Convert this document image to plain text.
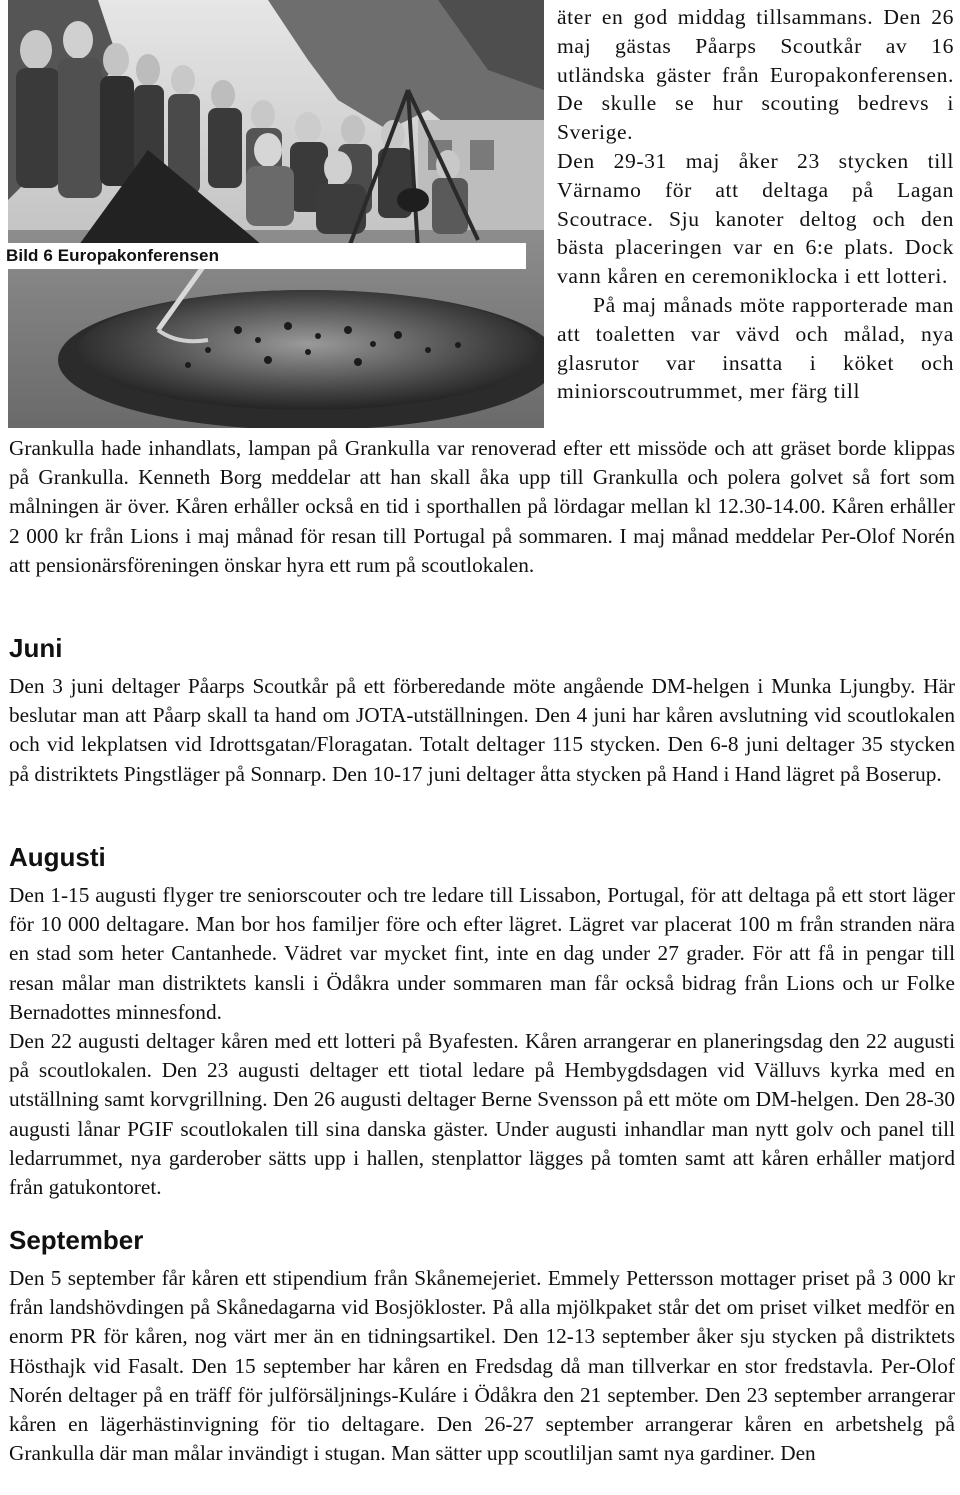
Bild 6 Europakonferensen

äter en god middag tillsammans. Den 26 maj gästas Påarps Scoutkår av 16 utländska gäster från Europakonferensen. De skulle se hur scouting bedrevs i Sverige.

Den 29-31 maj åker 23 stycken till Värnamo för att deltaga på Lagan Scoutrace. Sju kanoter deltog och den bästa placeringen var en 6:e plats. Dock vann kåren en ceremoniklocka i ett lotteri.

På maj månads möte rapporterade man att toaletten var vävd och målad, nya glasrutor var insatta i köket och miniorscoutrummet, mer färg till

Grankulla hade inhandlats, lampan på Grankulla var renoverad efter ett missöde och att gräset borde klippas på Grankulla. Kenneth Borg meddelar att han skall åka upp till Grankulla och polera golvet så fort som målningen är över. Kåren erhåller också en tid i sporthallen på lördagar mellan kl 12.30-14.00. Kåren erhåller 2 000 kr från Lions i maj månad för resan till Portugal på sommaren. I maj månad meddelar Per-Olof Norén att pensionärsföreningen önskar hyra ett rum på scoutlokalen.

Juni

Den 3 juni deltager Påarps Scoutkår på ett förberedande möte angående DM-helgen i Munka Ljungby. Här beslutar man att Påarp skall ta hand om JOTA-utställningen. Den 4 juni har kåren avslutning vid scoutlokalen och vid lekplatsen vid Idrottsgatan/Floragatan. Totalt deltager 115 stycken. Den 6-8 juni deltager 35 stycken på distriktets Pingstläger på Sonnarp. Den 10-17 juni deltager åtta stycken på Hand i Hand lägret på Boserup.

Augusti

Den 1-15 augusti flyger tre seniorscouter och tre ledare till Lissabon, Portugal, för att deltaga på ett stort läger för 10 000 deltagare. Man bor hos familjer före och efter lägret. Lägret var placerat 100 m från stranden nära en stad som heter Cantanhede. Vädret var mycket fint, inte en dag under 27 grader. För att få in pengar till resan målar man distriktets kansli i Ödåkra under sommaren man får också bidrag från Lions och ur Folke Bernadottes minnesfond.

Den 22 augusti deltager kåren med ett lotteri på Byafesten. Kåren arrangerar en planeringsdag den 22 augusti på scoutlokalen. Den 23 augusti deltager ett tiotal ledare på Hembygdsdagen vid Välluvs kyrka med en utställning samt korvgrillning. Den 26 augusti deltager Berne Svensson på ett möte om DM-helgen. Den 28-30 augusti lånar PGIF scoutlokalen till sina danska gäster. Under augusti inhandlar man nytt golv och panel till ledarrummet, nya garderober sätts upp i hallen, stenplattor lägges på tomten samt att kåren erhåller matjord från gatukontoret.

September

Den 5 september får kåren ett stipendium från Skånemejeriet. Emmely Pettersson mottager priset på 3 000 kr från landshövdingen på Skånedagarna vid Bosjökloster. På alla mjölkpaket står det om priset vilket medför en enorm PR för kåren, nog värt mer än en tidningsartikel. Den 12-13 september åker sju stycken på distriktets Hösthajk vid Fasalt. Den 15 september har kåren en Fredsdag då man tillverkar en stor fredstavla. Per-Olof Norén deltager på en träff för julförsäljnings-Kuláre i Ödåkra den 21 september. Den 23 september arrangerar kåren en lägerhästinvigning för tio deltagare. Den 26-27 september arrangerar kåren en arbetshelg på Grankulla där man målar invändigt i stugan. Man sätter upp scoutliljan samt nya gardiner. Den
